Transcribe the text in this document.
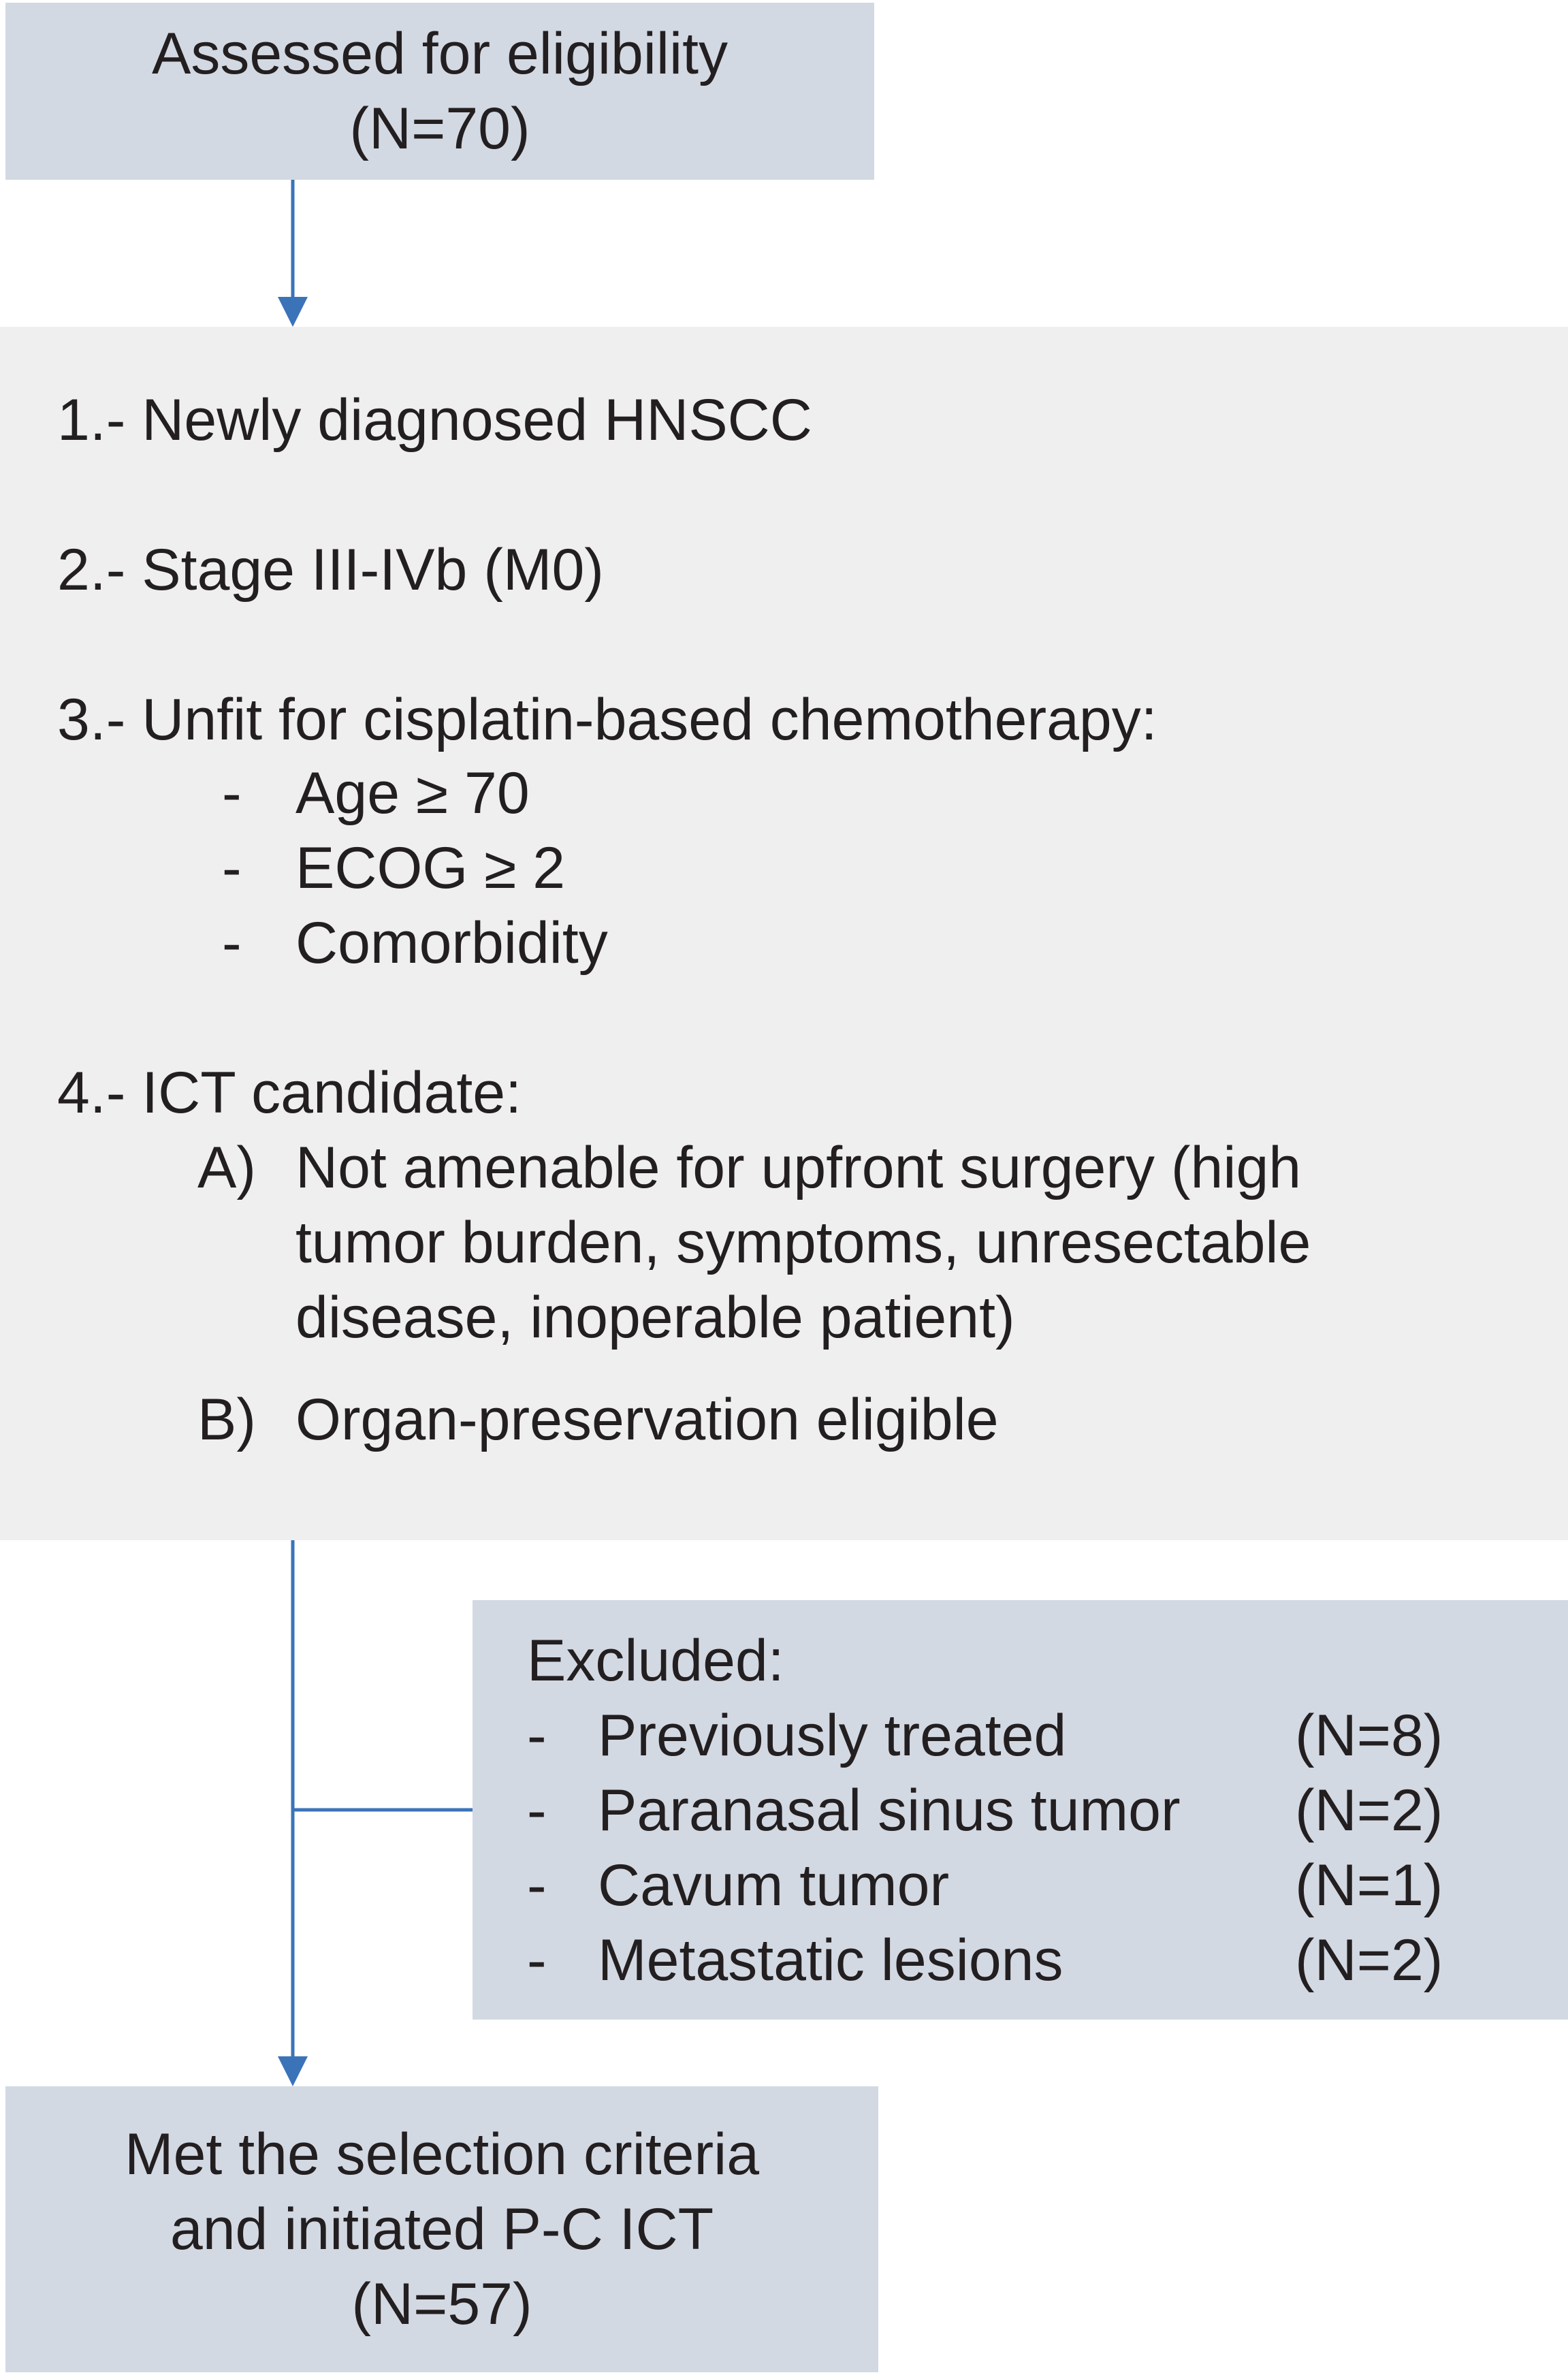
Assessed for eligibility
(N=70)
1.- Newly diagnosed HNSCC
2.- Stage III-IVb (M0)
3.- Unfit for cisplatin-based chemotherapy:
- Age ≥ 70
- ECOG ≥ 2
- Comorbidity
4.- ICT candidate:
A) Not amenable for upfront surgery (high
tumor burden, symptoms, unresectable
disease, inoperable patient)
B) Organ-preservation eligible
Excluded:
- Previously treated	(N=8)
- Paranasal sinus tumor (N=2)
- Cavum tumor	(N=1)
- Metastatic lesions	(N=2)
Met the selection criteria
and initiated P-C ICT
(N=57)
